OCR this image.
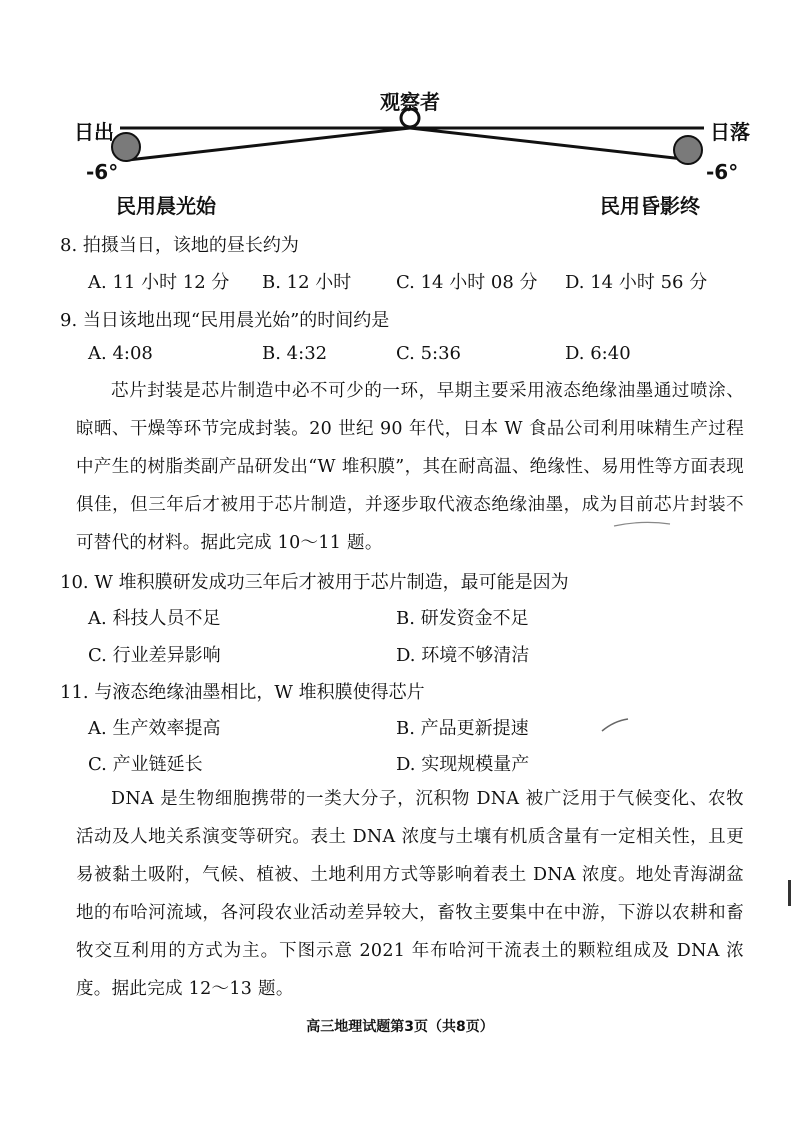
观察者
日出	日落
-6°	-6°
民用晨光始	民用昏影终
8. 拍摄当日，该地的昼长约为
A. 11 小时 12 分 B. 12 小时 C. 14 小时 08 分 D. 14 小时 56 分
9. 当日该地出现“民用晨光始”的时间约是
A. 4:08	B. 4:32	C. 5:36	D. 6:40

芯片封装是芯片制造中必不可少的一环，早期主要采用液态绝缘油墨通过喷涂、晾晒、干燥等环节完成封装。20 世纪 90 年代，日本 W 食品公司利用味精生产过程中产生的树脂类副产品研发出“W 堆积膜”，其在耐高温、绝缘性、易用性等方面表现俱佳，但三年后才被用于芯片制造，并逐步取代液态绝缘油墨，成为目前芯片封装不可替代的材料。据此完成 10～11 题。

10. W 堆积膜研发成功三年后才被用于芯片制造，最可能是因为
A. 科技人员不足	B. 研发资金不足
C. 行业差异影响	D. 环境不够清洁
11. 与液态绝缘油墨相比，W 堆积膜使得芯片
A. 生产效率提高	B. 产品更新提速
C. 产业链延长	D. 实现规模量产

DNA 是生物细胞携带的一类大分子，沉积物 DNA 被广泛用于气候变化、农牧活动及人地关系演变等研究。表土 DNA 浓度与土壤有机质含量有一定相关性，且更易被黏土吸附，气候、植被、土地利用方式等影响着表土 DNA 浓度。地处青海湖盆地的布哈河流域，各河段农业活动差异较大，畜牧主要集中在中游，下游以农耕和畜牧交互利用的方式为主。下图示意 2021 年布哈河干流表土的颗粒组成及 DNA 浓度。据此完成 12～13 题。

高三地理试题第3页（共8页）
